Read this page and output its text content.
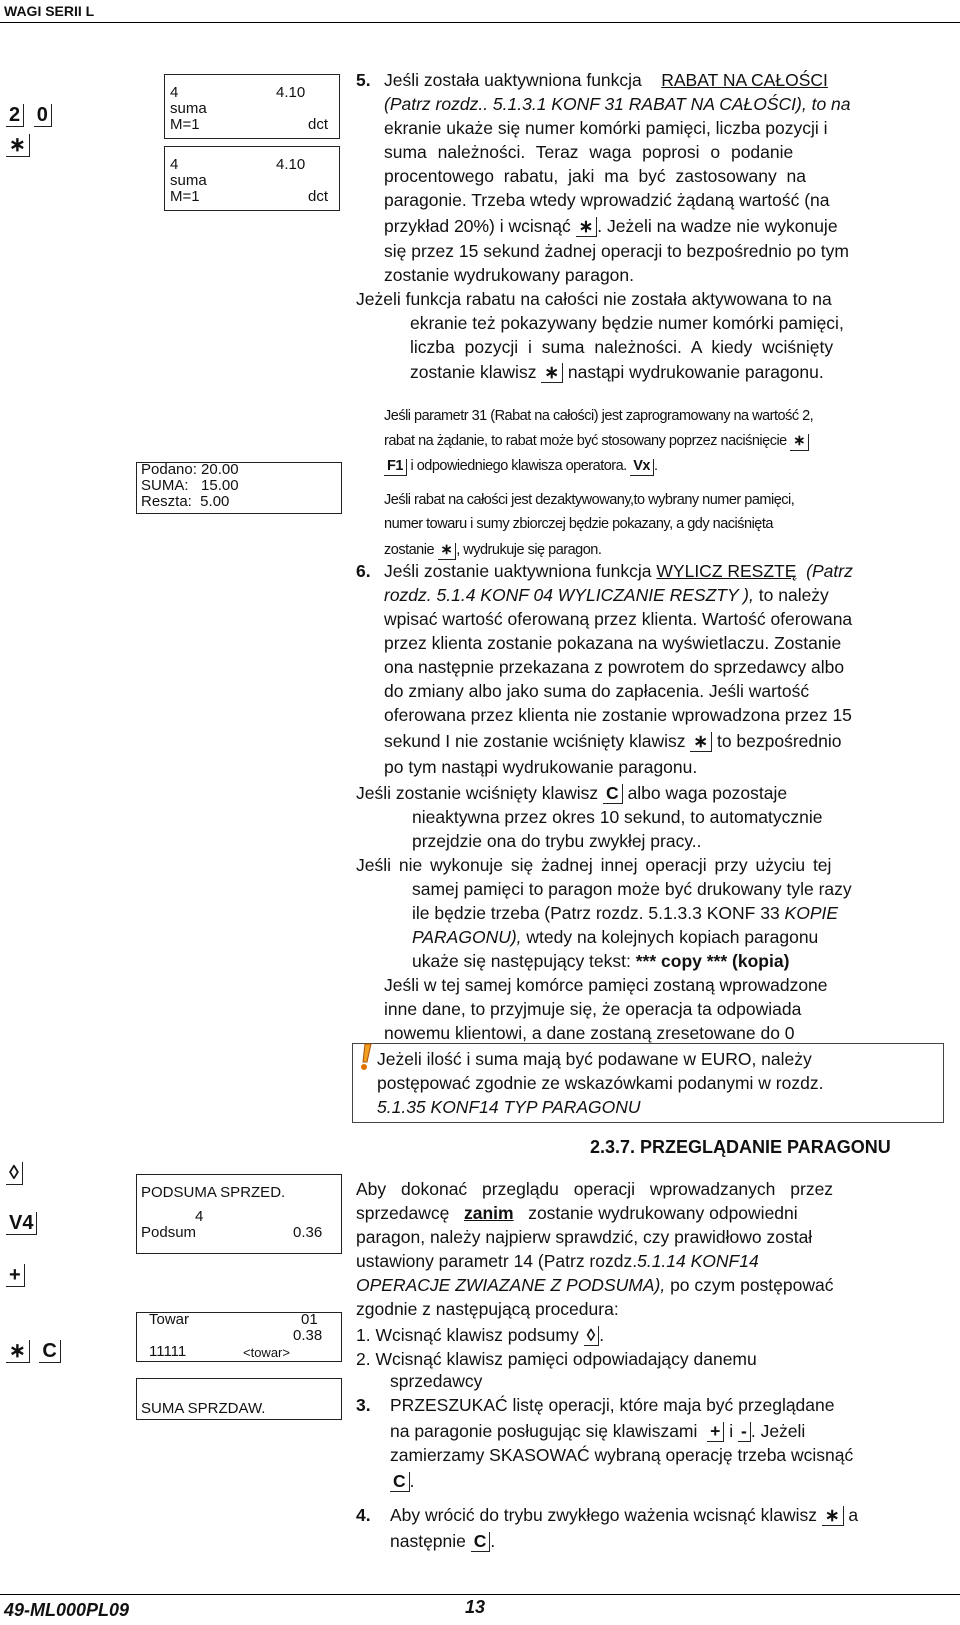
WAGI SERII L
49-ML000PL09	13
2 0
∗
◊
V4
+
∗ C
4	4.10
suma
M=1	dct
4	4.10
suma
M=1	dct
Podano: 20.00
SUMA:   15.00
Reszta:  5.00
PODSUMA SPRZED.
4
Podsum	0.36
Towar	01
0.38
11111	<towar>
SUMA SPRZDAW.
5. Jeśli została uaktywniona funkcja RABAT NA CAŁOŚCI
(Patrz rozdz.. 5.1.3.1 KONF 31 RABAT NA CAŁOŚCI), to na
ekranie ukaże się numer komórki pamięci, liczba pozycji i
suma należności. Teraz waga poprosi o podanie
procentowego rabatu, jaki ma być zastosowany na
paragonie. Trzeba wtedy wprowadzić żądaną wartość (na
przykład 20%) i wcisnąć ∗ . Jeżeli na wadze nie wykonuje
się przez 15 sekund żadnej operacji to bezpośrednio po tym
zostanie wydrukowany paragon.
Jeżeli funkcja rabatu na całości nie została aktywowana to na
ekranie też pokazywany będzie numer komórki pamięci,
liczba pozycji i suma należności. A kiedy wciśnięty
zostanie klawisz ∗ nastąpi wydrukowanie paragonu.
Jeśli parametr 31 (Rabat na całości) jest zaprogramowany na wartość 2,
rabat na żądanie, to rabat może być stosowany poprzez naciśnięcie ∗
F1 i odpowiedniego klawisza operatora. Vx .
Jeśli rabat na całości jest dezaktywowany,to wybrany numer pamięci,
numer towaru i sumy zbiorczej będzie pokazany, a gdy naciśnięta
zostanie ∗ , wydrukuje się paragon.
6. Jeśli zostanie uaktywniona funkcja WYLICZ RESZTĘ (Patrz
rozdz. 5.1.4 KONF 04 WYLICZANIE RESZTY ), to należy
wpisać wartość oferowaną przez klienta. Wartość oferowana
przez klienta zostanie pokazana na wyświetlaczu. Zostanie
ona następnie przekazana z powrotem do sprzedawcy albo
do zmiany albo jako suma do zapłacenia. Jeśli wartość
oferowana przez klienta nie zostanie wprowadzona przez 15
sekund I nie zostanie wciśnięty klawisz ∗ to bezpośrednio
po tym nastąpi wydrukowanie paragonu.
Jeśli zostanie wciśnięty klawisz C albo waga pozostaje
nieaktywna przez okres 10 sekund, to automatycznie
przejdzie ona do trybu zwykłej pracy..
Jeśli nie wykonuje się żadnej innej operacji przy użyciu tej
samej pamięci to paragon może być drukowany tyle razy
ile będzie trzeba (Patrz rozdz. 5.1.3.3 KONF 33 KOPIE
PARAGONU), wtedy na kolejnych kopiach paragonu
ukaże się następujący tekst: *** copy *** (kopia)
Jeśli w tej samej komórce pamięci zostaną wprowadzone
inne dane, to przyjmuje się, że operacja ta odpowiada
nowemu klientowi, a dane zostaną zresetowane do 0
Jeżeli ilość i suma mają być podawane w EURO, należy
postępować zgodnie ze wskazówkami podanymi w rozdz.
5.1.35 KONF14 TYP PARAGONU
2.3.7. PRZEGLĄDANIE PARAGONU
Aby dokonać przeglądu operacji wprowadzanych przez
sprzedawcę zanim zostanie wydrukowany odpowiedni
paragon, należy najpierw sprawdzić, czy prawidłowo został
ustawiony parametr 14 (Patrz rozdz.5.1.14 KONF14
OPERACJE ZWIAZANE Z PODSUMA), po czym postępować
zgodnie z następującą procedura:
1. Wcisnąć klawisz podsumy ◊ .
2. Wcisnąć klawisz pamięci odpowiadający danemu
sprzedawcy
3. PRZESZUKAĆ listę operacji, które maja być przeglądane
na paragonie posługując się klawiszami + i - . Jeżeli
zamierzamy SKASOWAĆ wybraną operację trzeba wcisnąć
C .
4. Aby wrócić do trybu zwykłego ważenia wcisnąć klawisz ∗ a
następnie C .
